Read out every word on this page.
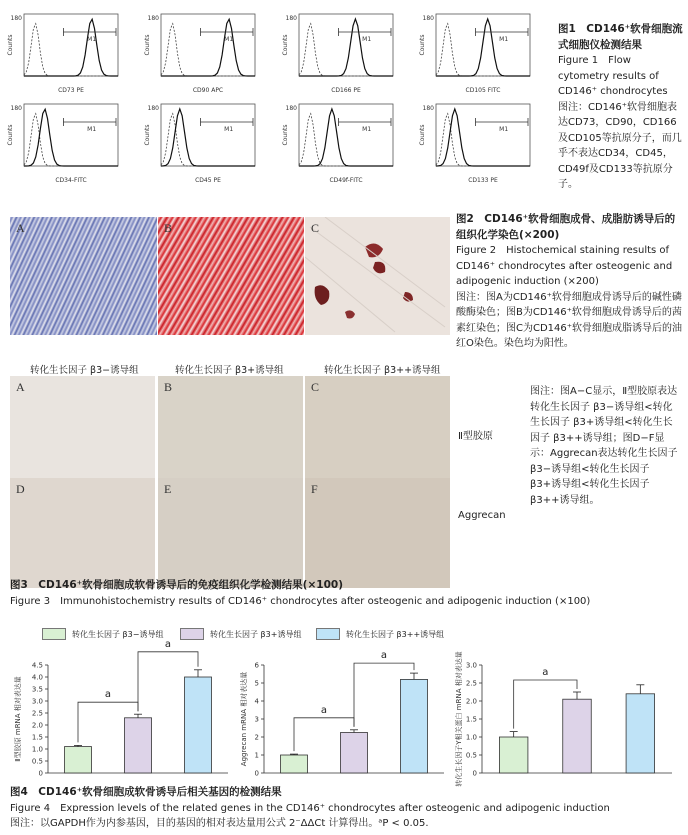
CD73 PE
180
Counts	M1
CD90 APC
180
Counts	M1
CD166 PE
180
Counts	M1
CD105 FITC
180
Counts	M1
CD34-FITC
180
Counts	M1
CD45 PE
180
Counts	M1
CD49f-FITC
180
Counts	M1
CD133 PE
180
Counts	M1
图1　CD146⁺软骨细胞流式细胞仪检测结果
Figure 1　Flow cytometry results of CD146⁺ chondrocytes
图注：CD146⁺软骨细胞表达CD73，CD90，CD166及CD105等抗原分子，而几乎不表达CD34，CD45，CD49f及CD133等抗原分子。
A	B	C
图2　CD146⁺软骨细胞成骨、成脂肪诱导后的组织化学染色(×200)
Figure 2　Histochemical staining results of CD146⁺ chondrocytes after osteogenic and adipogenic induction (×200)
图注：图A为CD146⁺软骨细胞成骨诱导后的碱性磷酸酶染色；图B为CD146⁺软骨细胞成骨诱导后的茜素红染色；图C为CD146⁺软骨细胞成脂诱导后的油红O染色。染色均为阳性。
转化生长因子 β3−诱导组	转化生长因子 β3+诱导组	转化生长因子 β3++诱导组
A	B	C
D	E	F
Ⅱ型胶原
Aggrecan
图注：图A−C显示，Ⅱ型胶原表达转化生长因子 β3−诱导组<转化生长因子 β3+诱导组<转化生长因子 β3++诱导组；图D−F显示：Aggrecan表达转化生长因子 β3−诱导组<转化生长因子 β3+诱导组<转化生长因子 β3++诱导组。
图3　CD146⁺软骨细胞成软骨诱导后的免疫组织化学检测结果(×100)
Figure 3　Immunohistochemistry results of CD146⁺ chondrocytes after osteogenic and adipogenic induction (×100)
转化生长因子 β3−诱导组	转化生长因子 β3+诱导组	转化生长因子 β3++诱导组
0
0.5
1.0
1.5
2.0
2.5
3.0
3.5
4.0
4.5
Ⅱ型胶原 mRNA 相对表达量	a
a
0
1
2
3
4
5
6
Aggrecan mRNA 相对表达量	a
a
0
0.5
1.0
1.5
2.0
2.5
3.0
转化生长因子Y相关蛋白 mRNA 相对表达量	a
图4　CD146⁺软骨细胞成软骨诱导后相关基因的检测结果
Figure 4　Expression levels of the related genes in the CD146⁺ chondrocytes after osteogenic and adipogenic induction
图注：以GAPDH作为内参基因，目的基因的相对表达量用公式 2⁻ΔΔCt 计算得出。ᵃP < 0.05.
